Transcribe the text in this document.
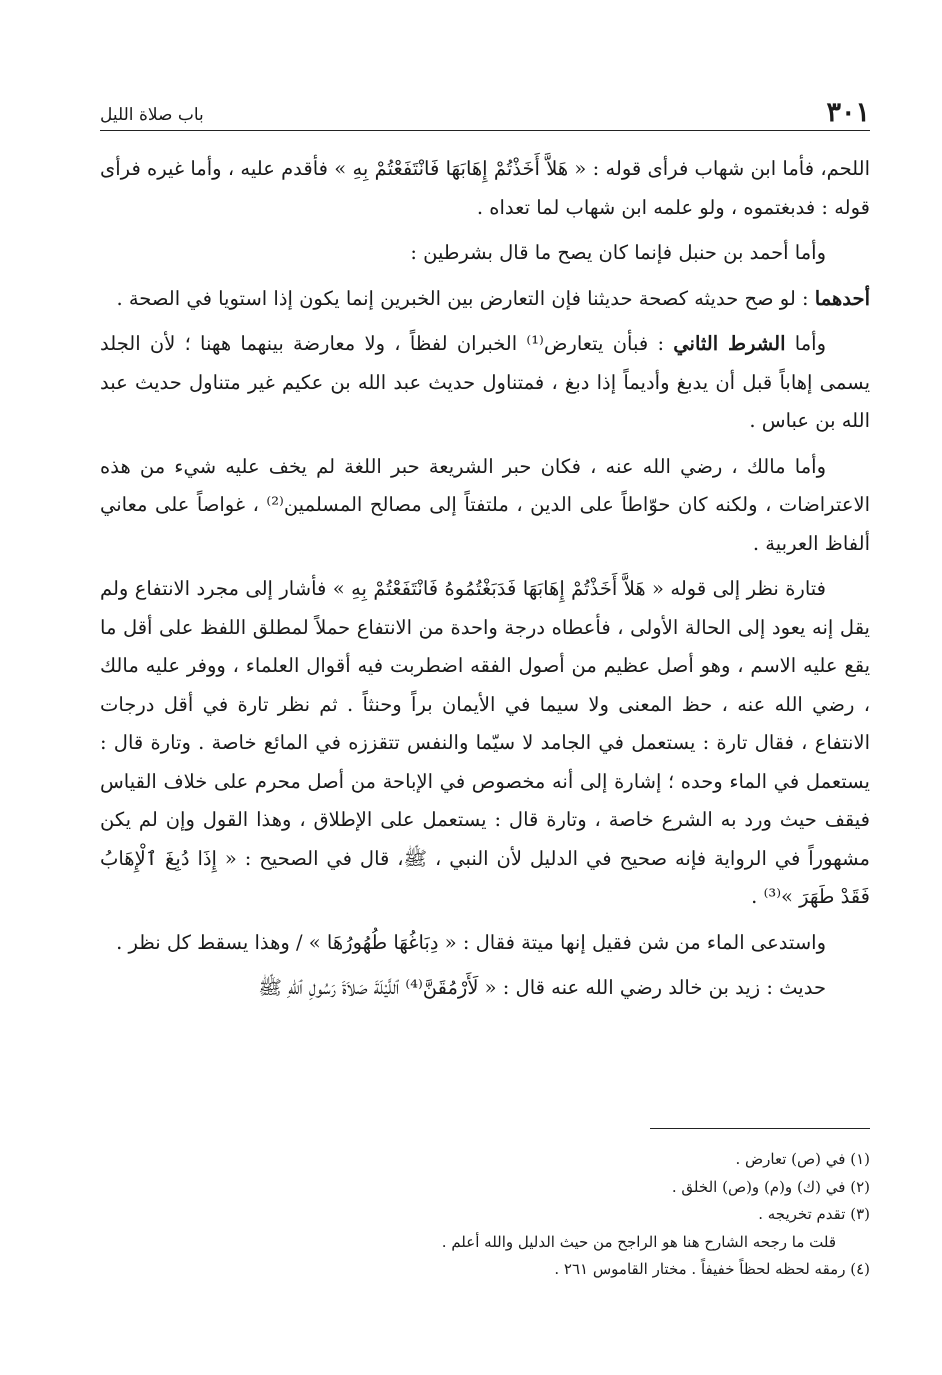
٣٠١
باب صلاة الليل

اللحم، فأما ابن شهاب فرأى قوله : « هَلاَّ أَخَذْتُمْ إِهَابَهَا فَانْتَفَعْتُمْ بِهِ » فأقدم عليه ، وأما غيره فرأى قوله : فدبغتموه ، ولو علمه ابن شهاب لما تعداه .

وأما أحمد بن حنبل فإنما كان يصح ما قال بشرطين :

أحدهما : لو صح حديثه كصحة حديثنا فإن التعارض بين الخبرين إنما يكون إذا استويا في الصحة .

وأما الشرط الثاني : فبأن يتعارض⁽¹⁾ الخبران لفظاً ، ولا معارضة بينهما ههنا ؛ لأن الجلد يسمى إهاباً قبل أن يدبغ وأديماً إذا دبغ ، فمتناول حديث عبد الله بن عكيم غير متناول حديث عبد الله بن عباس .

وأما مالك ، رضي الله عنه ، فكان حبر الشريعة حبر اللغة لم يخف عليه شيء من هذه الاعتراضات ، ولكنه كان حوّاطاً على الدين ، ملتفتاً إلى مصالح المسلمين⁽²⁾ ، غواصاً على معاني ألفاظ العربية .

فتارة نظر إلى قوله « هَلاَّ أَخَذْتُمْ إِهَابَهَا فَدَبَغْتُمُوهُ فَانْتَفَعْتُمْ بِهِ » فأشار إلى مجرد الانتفاع ولم يقل إنه يعود إلى الحالة الأولى ، فأعطاه درجة واحدة من الانتفاع حملاً لمطلق اللفظ على أقل ما يقع عليه الاسم ، وهو أصل عظيم من أصول الفقه اضطربت فيه أقوال العلماء ، ووفر عليه مالك ، رضي الله عنه ، حظ المعنى ولا سيما في الأيمان براً وحنثاً . ثم نظر تارة في أقل درجات الانتفاع ، فقال تارة : يستعمل في الجامد لا سيّما والنفس تتقززه في المائع خاصة . وتارة قال : يستعمل في الماء وحده ؛ إشارة إلى أنه مخصوص في الإباحة من أصل محرم على خلاف القياس فيقف حيث ورد به الشرع خاصة ، وتارة قال : يستعمل على الإطلاق ، وهذا القول وإن لم يكن مشهوراً في الرواية فإنه صحيح في الدليل لأن النبي ، ﷺ، قال في الصحيح : « إِذَا دُبِغَ ٱلْإِهَابُ فَقَدْ طَهَرَ »⁽³⁾ .

واستدعى الماء من شن فقيل إنها ميتة فقال : « دِبَاغُهَا طُهُورُهَا » / وهذا يسقط كل نظر .

حديث : زيد بن خالد رضي الله عنه قال : « لَأَرْمُقَنَّ⁽⁴⁾ ٱللَّيْلَةَ صَلاَةَ رَسُولِ ٱللهِ ﷺ

(١) في (ص) تعارض .
(٢) في (ك) و(م) و(ص) الخلق .
(٣) تقدم تخريجه .
قلت ما رجحه الشارح هنا هو الراجح من حيث الدليل والله أعلم .
(٤) رمقه لحظه لحظاً خفيفاً . مختار القاموس ٢٦١ .
